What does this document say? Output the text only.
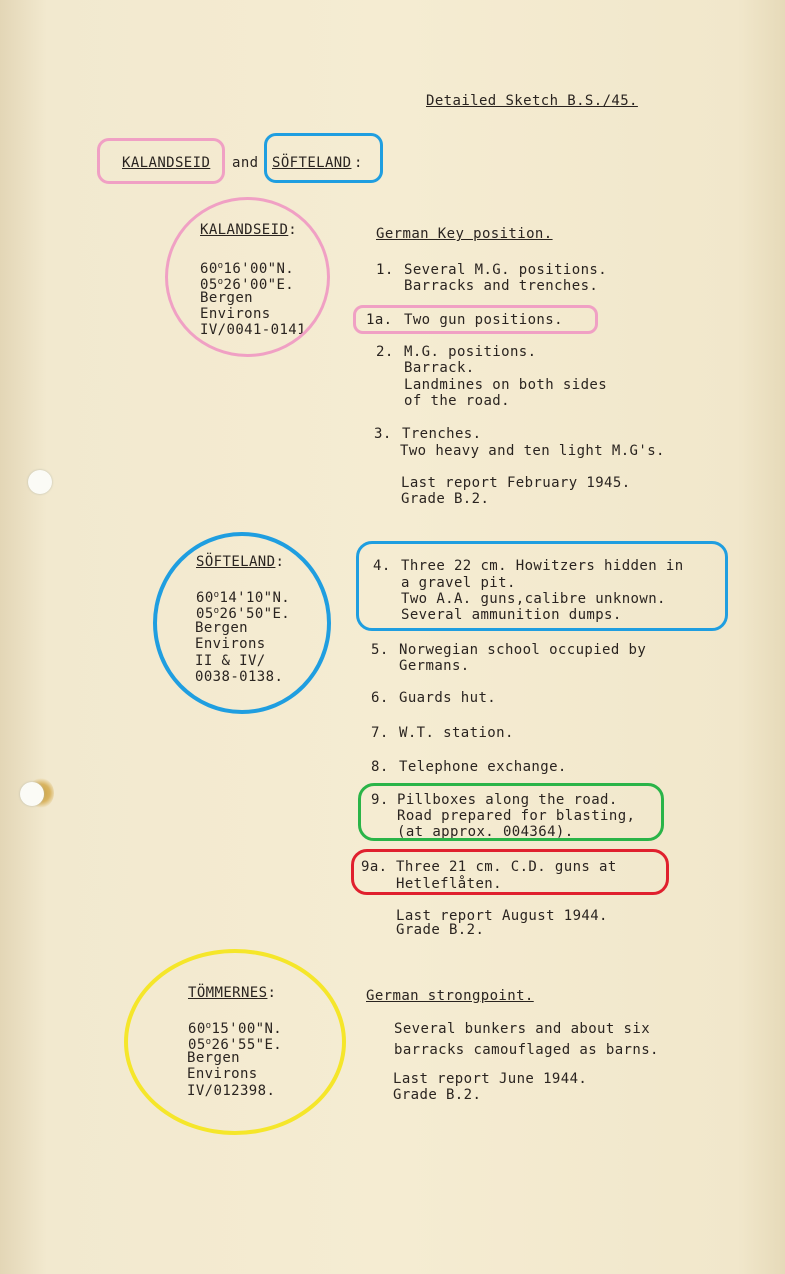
Detailed Sketch B.S./45.
KALANDSEID and SÖFTELAND :
KALANDSEID:
60$^o$16'00"N.
05$^o$26'00"E.
Bergen
Environs
IV/0041-0141
German Key position.
1. Several M.G. positions.
Barracks and trenches.
1a. Two gun positions.
2. M.G. positions.
Barrack.
Landmines on both sides
of the road.
3. Trenches.
Two heavy and ten light M.G's.
Last report February 1945.
Grade B.2.
SÖFTELAND:
60$^o$14'10"N.
05$^o$26'50"E.
Bergen
Environs
II & IV/
0038-0138.
4. Three 22 cm. Howitzers hidden in
a gravel pit.
Two A.A. guns,calibre unknown.
Several ammunition dumps.
5. Norwegian school occupied by
Germans.
6. Guards hut.
7. W.T. station.
8. Telephone exchange.
9. Pillboxes along the road.
Road prepared for blasting,
(at approx. 004364).
9a. Three 21 cm. C.D. guns at
Hetleflåten.
Last report August 1944.
Grade B.2.
TÖMMERNES:
60$^o$15'00"N.
05$^o$26'55"E.
Bergen
Environs
IV/012398.
German strongpoint.
Several bunkers and about six
barracks camouflaged as barns.
Last report June 1944.
Grade B.2.
